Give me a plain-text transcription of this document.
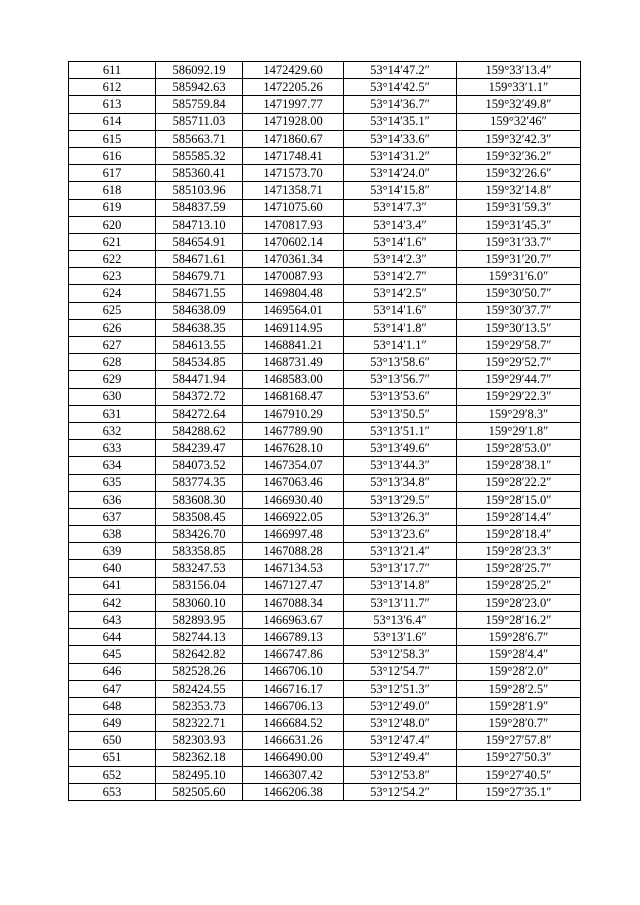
611	586092.19	1472429.60	53°14′47.2″	159°33′13.4″
612	585942.63	1472205.26	53°14′42.5″	159°33′1.1″
613	585759.84	1471997.77	53°14′36.7″	159°32′49.8″
614	585711.03	1471928.00	53°14′35.1″	159°32′46″
615	585663.71	1471860.67	53°14′33.6″	159°32′42.3″
616	585585.32	1471748.41	53°14′31.2″	159°32′36.2″
617	585360.41	1471573.70	53°14′24.0″	159°32′26.6″
618	585103.96	1471358.71	53°14′15.8″	159°32′14.8″
619	584837.59	1471075.60	53°14′7.3″	159°31′59.3″
620	584713.10	1470817.93	53°14′3.4″	159°31′45.3″
621	584654.91	1470602.14	53°14′1.6″	159°31′33.7″
622	584671.61	1470361.34	53°14′2.3″	159°31′20.7″
623	584679.71	1470087.93	53°14′2.7″	159°31′6.0″
624	584671.55	1469804.48	53°14′2.5″	159°30′50.7″
625	584638.09	1469564.01	53°14′1.6″	159°30′37.7″
626	584638.35	1469114.95	53°14′1.8″	159°30′13.5″
627	584613.55	1468841.21	53°14′1.1″	159°29′58.7″
628	584534.85	1468731.49	53°13′58.6″	159°29′52.7″
629	584471.94	1468583.00	53°13′56.7″	159°29′44.7″
630	584372.72	1468168.47	53°13′53.6″	159°29′22.3″
631	584272.64	1467910.29	53°13′50.5″	159°29′8.3″
632	584288.62	1467789.90	53°13′51.1″	159°29′1.8″
633	584239.47	1467628.10	53°13′49.6″	159°28′53.0″
634	584073.52	1467354.07	53°13′44.3″	159°28′38.1″
635	583774.35	1467063.46	53°13′34.8″	159°28′22.2″
636	583608.30	1466930.40	53°13′29.5″	159°28′15.0″
637	583508.45	1466922.05	53°13′26.3″	159°28′14.4″
638	583426.70	1466997.48	53°13′23.6″	159°28′18.4″
639	583358.85	1467088.28	53°13′21.4″	159°28′23.3″
640	583247.53	1467134.53	53°13′17.7″	159°28′25.7″
641	583156.04	1467127.47	53°13′14.8″	159°28′25.2″
642	583060.10	1467088.34	53°13′11.7″	159°28′23.0″
643	582893.95	1466963.67	53°13′6.4″	159°28′16.2″
644	582744.13	1466789.13	53°13′1.6″	159°28′6.7″
645	582642.82	1466747.86	53°12′58.3″	159°28′4.4″
646	582528.26	1466706.10	53°12′54.7″	159°28′2.0″
647	582424.55	1466716.17	53°12′51.3″	159°28′2.5″
648	582353.73	1466706.13	53°12′49.0″	159°28′1.9″
649	582322.71	1466684.52	53°12′48.0″	159°28′0.7″
650	582303.93	1466631.26	53°12′47.4″	159°27′57.8″
651	582362.18	1466490.00	53°12′49.4″	159°27′50.3″
652	582495.10	1466307.42	53°12′53.8″	159°27′40.5″
653	582505.60	1466206.38	53°12′54.2″	159°27′35.1″
